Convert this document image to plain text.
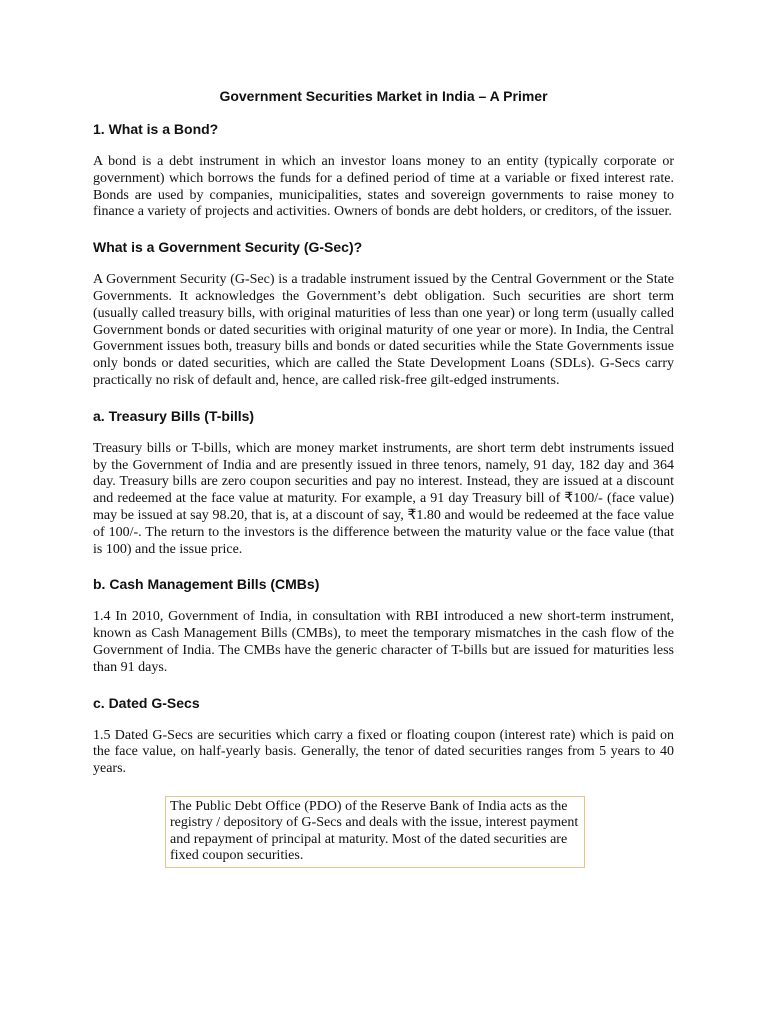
Government Securities Market in India – A Primer
1. What is a Bond?

A bond is a debt instrument in which an investor loans money to an entity (typically corporate or government) which borrows the funds for a defined period of time at a variable or fixed interest rate. Bonds are used by companies, municipalities, states and sovereign governments to raise money to finance a variety of projects and activities. Owners of bonds are debt holders, or creditors, of the issuer.

What is a Government Security (G-Sec)?

A Government Security (G-Sec) is a tradable instrument issued by the Central Government or the State Governments. It acknowledges the Government’s debt obligation. Such securities are short term (usually called treasury bills, with original maturities of less than one year) or long term (usually called Government bonds or dated securities with original maturity of one year or more). In India, the Central Government issues both, treasury bills and bonds or dated securities while the State Governments issue only bonds or dated securities, which are called the State Development Loans (SDLs). G-Secs carry practically no risk of default and, hence, are called risk-free gilt-edged instruments.

a. Treasury Bills (T-bills)

Treasury bills or T-bills, which are money market instruments, are short term debt instruments issued by the Government of India and are presently issued in three tenors, namely, 91 day, 182 day and 364 day. Treasury bills are zero coupon securities and pay no interest. Instead, they are issued at a discount and redeemed at the face value at maturity. For example, a 91 day Treasury bill of ₹100/- (face value) may be issued at say 98.20, that is, at a discount of say, ₹1.80 and would be redeemed at the face value of 100/-. The return to the investors is the difference between the maturity value or the face value (that is 100) and the issue price.

b. Cash Management Bills (CMBs)

1.4 In 2010, Government of India, in consultation with RBI introduced a new short-term instrument, known as Cash Management Bills (CMBs), to meet the temporary mismatches in the cash flow of the Government of India. The CMBs have the generic character of T-bills but are issued for maturities less than 91 days.

c. Dated G-Secs

1.5 Dated G-Secs are securities which carry a fixed or floating coupon (interest rate) which is paid on the face value, on half-yearly basis. Generally, the tenor of dated securities ranges from 5 years to 40 years.

The Public Debt Office (PDO) of the Reserve Bank of India acts as the registry / depository of G-Secs and deals with the issue, interest payment and repayment of principal at maturity. Most of the dated securities are fixed coupon securities.
